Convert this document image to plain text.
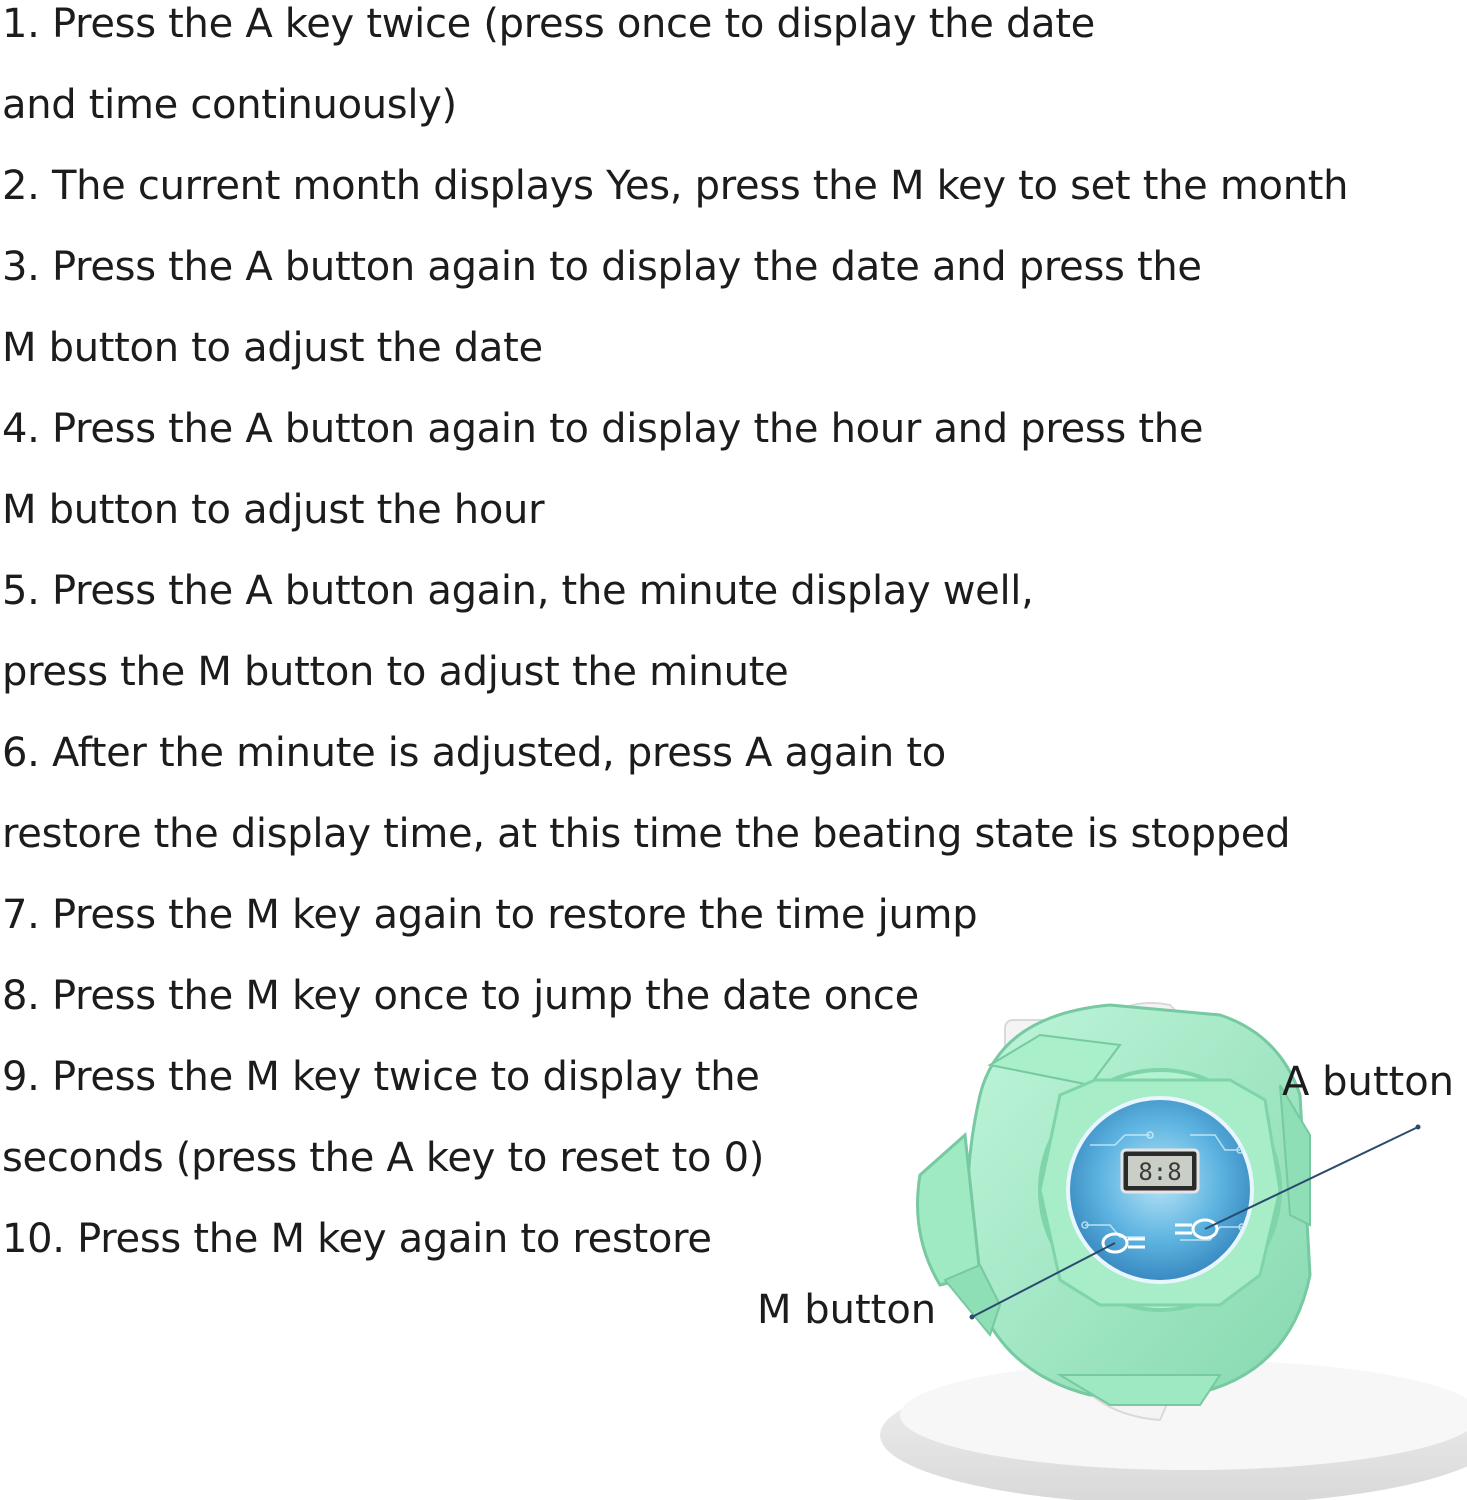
1. Press the A key twice (press once to display the date
and time continuously)
2. The current month displays Yes, press the M key to set the month
3. Press the A button again to display the date and press the
M button to adjust the date
4. Press the A button again to display the hour and press the
M button to adjust the hour
5. Press the A button again, the minute display well,
press the M button to adjust the minute
6. After the minute is adjusted, press A again to
restore the display time, at this time the beating state is stopped
7. Press the M key again to restore the time jump
8. Press the M key once to jump the date once
9. Press the M key twice to display the
seconds (press the A key to reset to 0)
10. Press the M key again to restore
8:8
A button
M button
